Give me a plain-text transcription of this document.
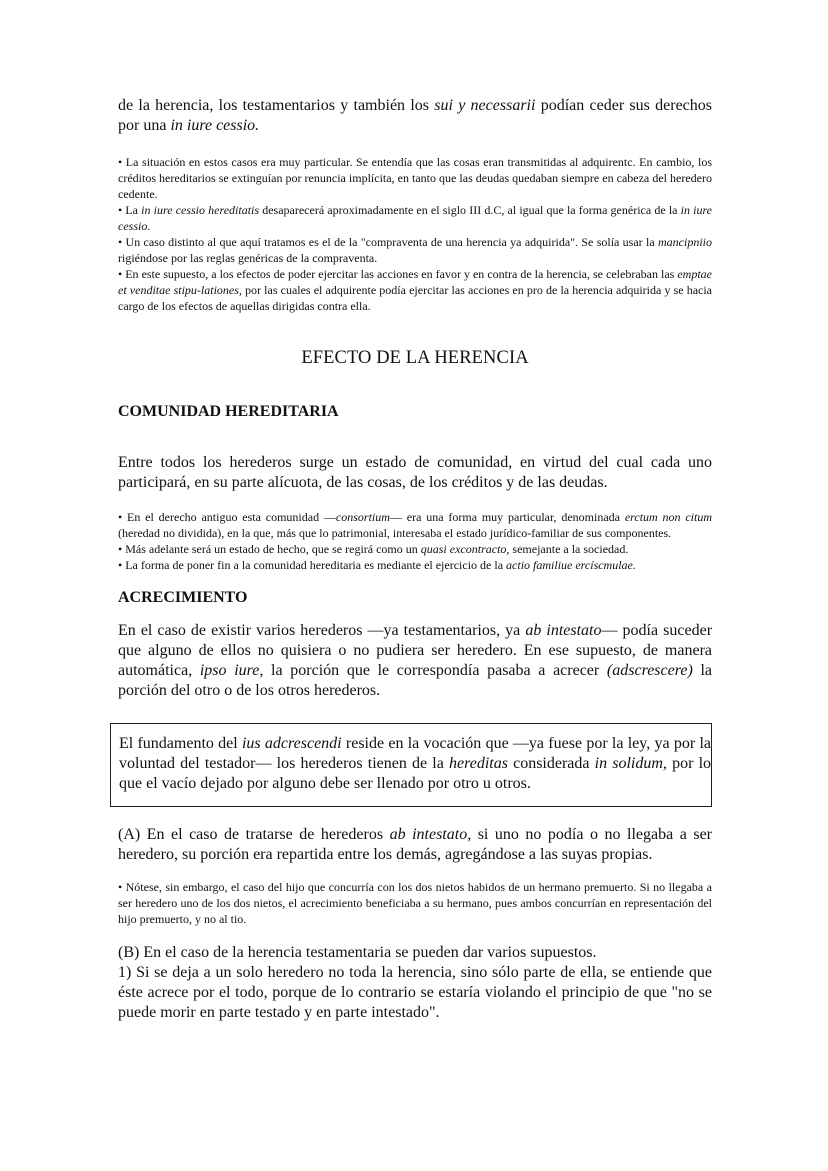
de la herencia, los testamentarios y también los sui y necessarii podían ceder sus derechos por una in iure cessio.

• La situación en estos casos era muy particular. Se entendía que las cosas eran transmitidas al adquirentc. En cambio, los créditos hereditarios se extinguían por renuncia implícita, en tanto que las deudas quedaban siempre en cabeza del heredero cedente.

• La in iure cessio hereditatis desaparecerá aproximadamente en el siglo III d.C, al igual que la forma genérica de la in iure cessio.

• Un caso distinto al que aquí tratamos es el de la "compraventa de una herencia ya adquirida". Se solía usar la mancipniio rigiéndose por las reglas genéricas de la compraventa.

• En este supuesto, a los efectos de poder ejercitar las acciones en favor y en contra de la herencia, se celebraban las emptae et venditae stipu-lationes, por las cuales el adquirente podía ejercitar las acciones en pro de la herencia adquirida y se hacia cargo de los efectos de aquellas dirigidas contra ella.

EFECTO DE LA HERENCIA
COMUNIDAD HEREDITARIA

Entre todos los herederos surge un estado de comunidad, en virtud del cual cada uno participará, en su parte alícuota, de las cosas, de los créditos y de las deudas.

• En el derecho antiguo esta comunidad —consortium— era una forma muy particular, denominada erctum non citum (heredad no dividida), en la que, más que lo patrimonial, interesaba el estado jurídico-familiar de sus componentes.

• Más adelante será un estado de hecho, que se regirá como un quasi excontracto, semejante a la sociedad.

• La forma de poner fin a la comunidad hereditaria es mediante el ejercicio de la actio familiue ercíscmulae.

ACRECIMIENTO

En el caso de existir varios herederos —ya testamentarios, ya ab intestato— podía suceder que alguno de ellos no quisiera o no pudiera ser heredero. En ese supuesto, de manera automática, ipso iure, la porción que le correspondía pasaba a acrecer (adscrescere) la porción del otro o de los otros herederos.

El fundamento del ius adcrescendi reside en la vocación que —ya fuese por la ley, ya por la voluntad del testador— los herederos tienen de la hereditas considerada in solidum, por lo que el vacío dejado por alguno debe ser llenado por otro u otros.

(A) En el caso de tratarse de herederos ab intestato, si uno no podía o no llegaba a ser heredero, su porción era repartida entre los demás, agregándose a las suyas propias.

• Nótese, sin embargo, el caso del hijo que concurría con los dos nietos habidos de un hermano premuerto. Si no llegaba a ser heredero uno de los dos nietos, el acrecimiento beneficiaba a su hermano, pues ambos concurrían en representación del hijo premuerto, y no al tio.

(B) En el caso de la herencia testamentaria se pueden dar varios supuestos.

1) Si se deja a un solo heredero no toda la herencia, sino sólo parte de ella, se entiende que éste acrece por el todo, porque de lo contrario se estaría violando el principio de que "no se puede morir en parte testado y en parte intestado".
